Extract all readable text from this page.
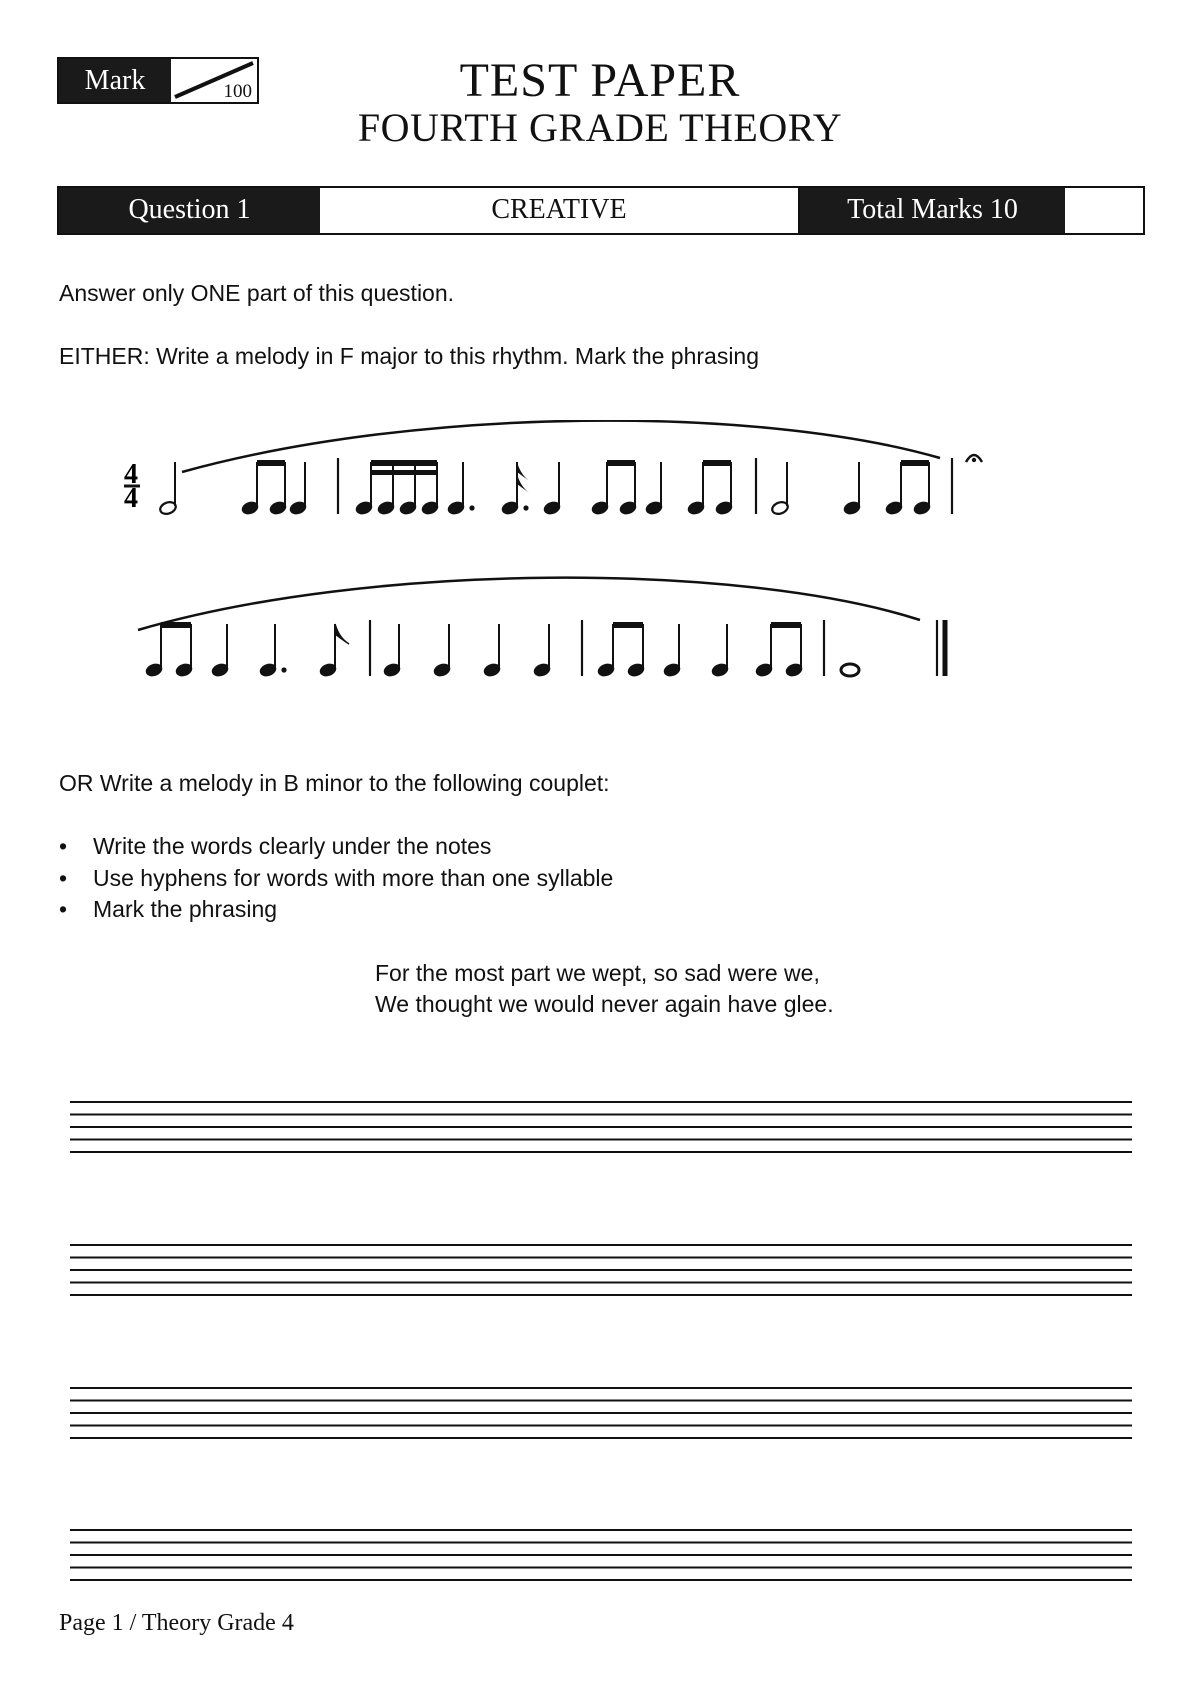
Mark	100	TEST PAPER
FOURTH GRADE THEORY
Question 1	CREATIVE	Total Marks 10

Answer only ONE part of this question.

EITHER: Write a melody in F major to this rhythm. Mark the phrasing

4
4

OR Write a melody in B minor to the following couplet:

• Write the words clearly under the notes
• Use hyphens for words with more than one syllable
• Mark the phrasing
For the most part we wept, so sad were we,
We thought we would never again have glee.
Page 1 / Theory Grade 4
